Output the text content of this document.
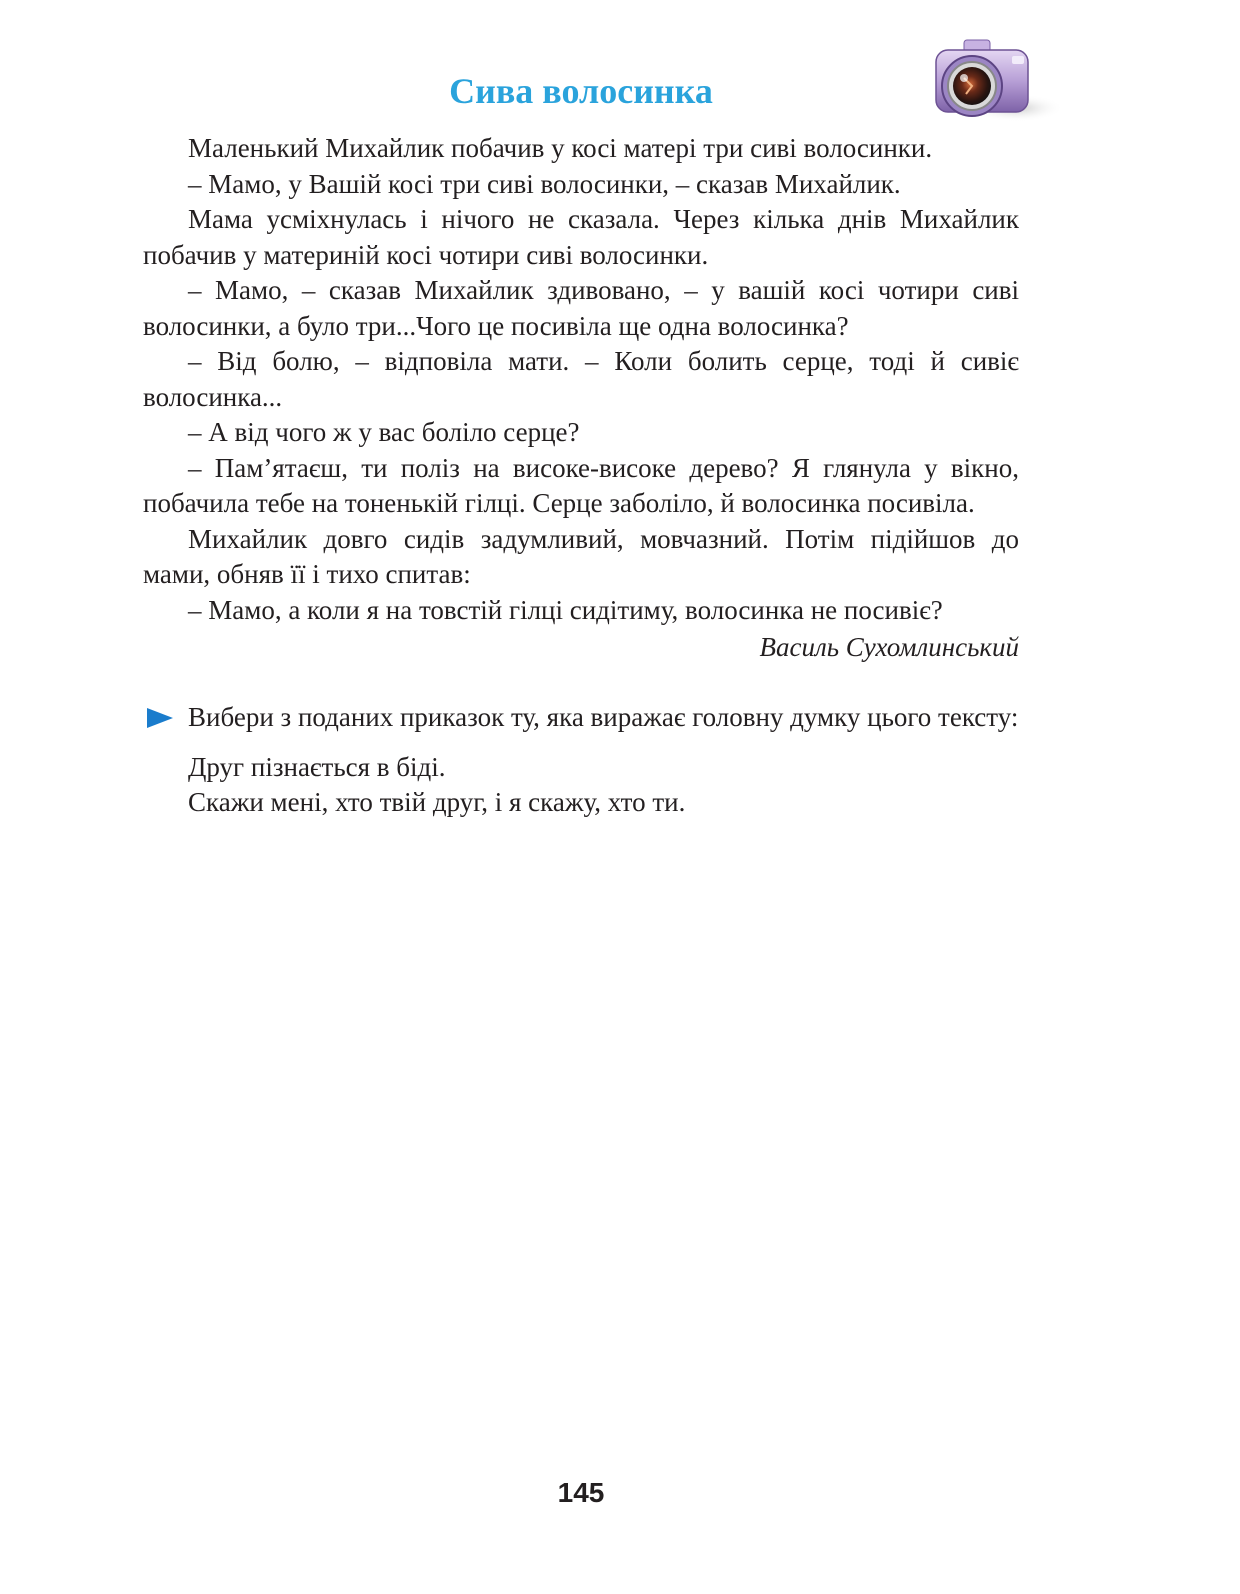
Сива волосинка

Маленький Михайлик побачив у косі матері три сиві волосинки.

– Мамо, у Вашій косі три сиві волосинки, – сказав Михайлик.

Мама усміхнулась і нічого не сказала. Через кілька днів Михайлик побачив у материній косі чотири сиві волосинки.

– Мамо, – сказав Михайлик здивовано, – у вашій косі чотири сиві волосинки, а було три...Чого це посивіла ще одна волосинка?

– Від болю, – відповіла мати. – Коли болить серце, тоді й сивіє волосинка...

– А від чого ж у вас боліло серце?

– Пам’ятаєш, ти поліз на високе-високе дерево? Я глянула у вікно, побачила тебе на тоненькій гілці. Серце заболіло, й волосинка посивіла.

Михайлик довго сидів задумливий, мовчазний. Потім підійшов до мами, обняв її і тихо спитав:

– Мамо, а коли я на товстій гілці сидітиму, волосинка не посивіє?

Василь Сухомлинський

Вибери з поданих приказок ту, яка виражає головну думку цього тексту:

Друг пізнається в біді.

Скажи мені, хто твій друг, і я скажу, хто ти.

145
